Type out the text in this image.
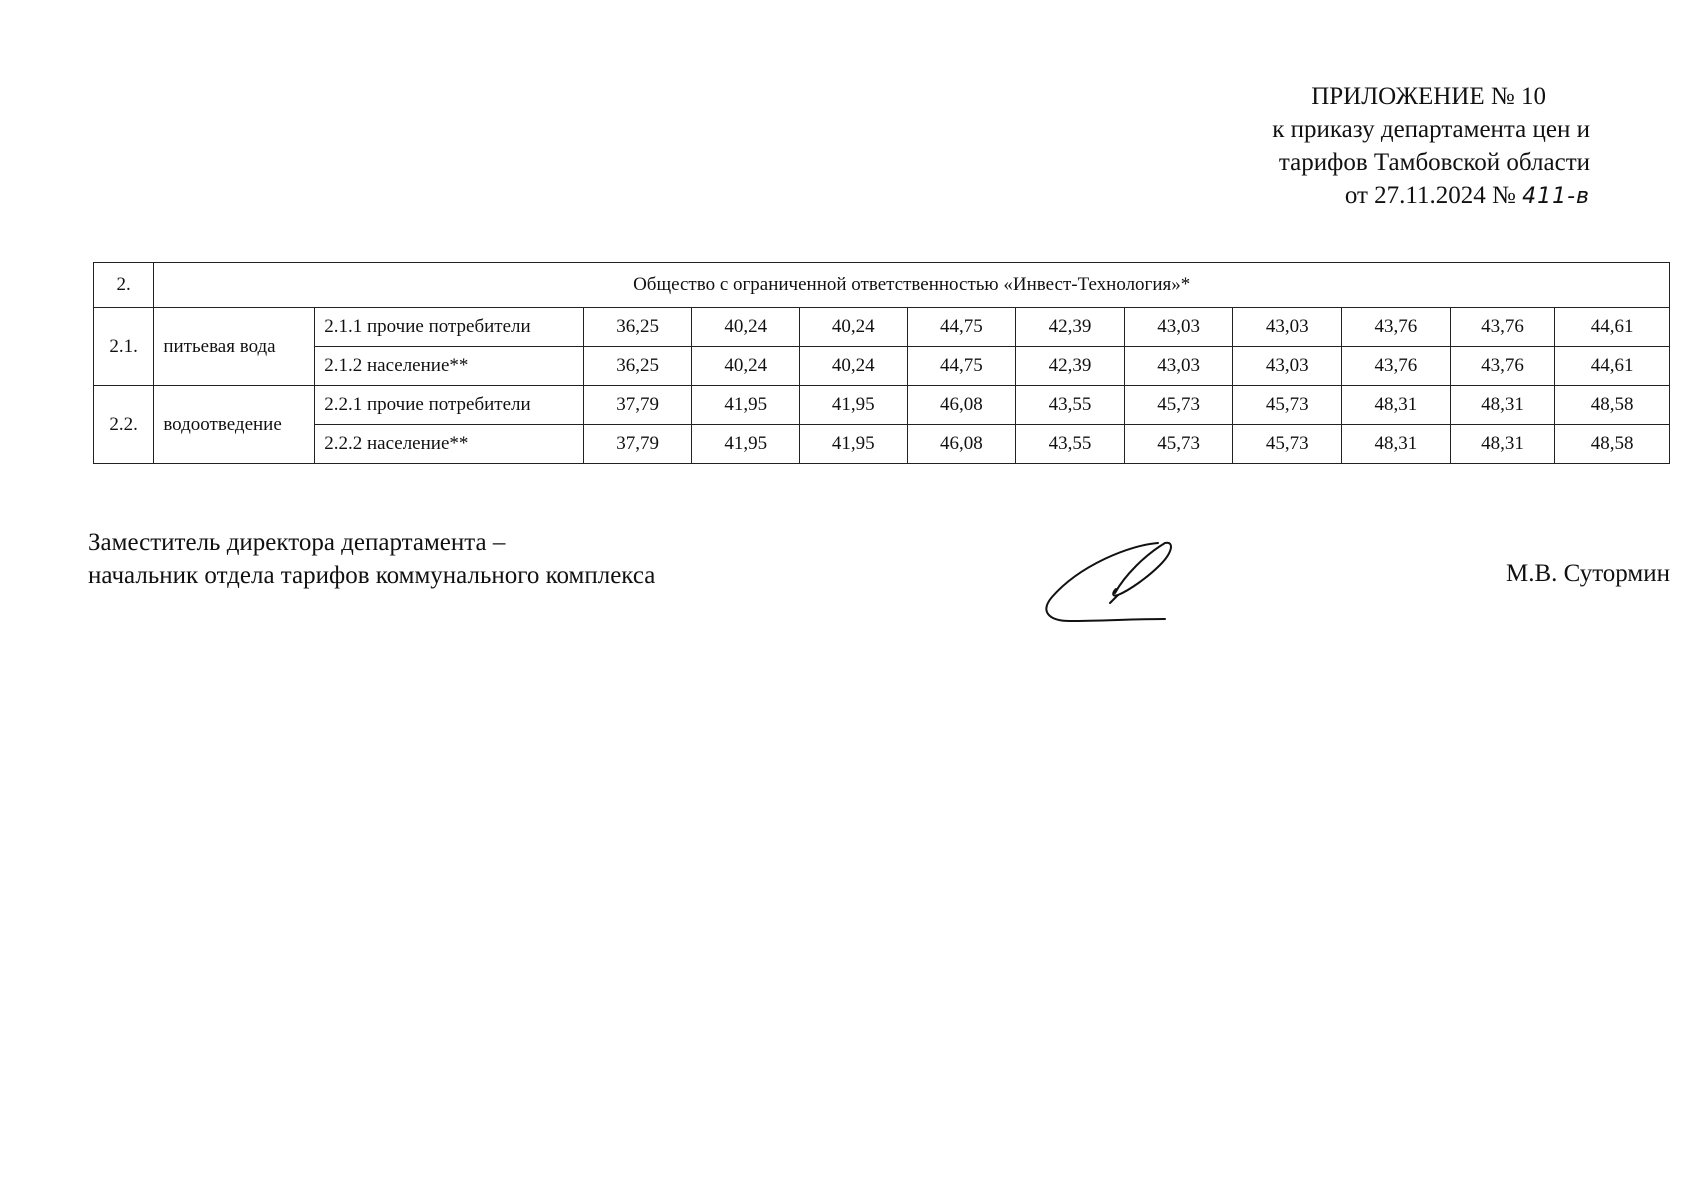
ПРИЛОЖЕНИЕ № 10
к приказу департамента цен и
тарифов Тамбовской области
от 27.11.2024 № 411-в
2.	Общество с ограниченной ответственностью «Инвест-Технология»*											
2.1.	питьевая вода	2.1.1 прочие потребители	36,25	40,24	40,24	44,75	42,39	43,03	43,03	43,76	43,76	44,61
		2.1.2 население**	36,25	40,24	40,24	44,75	42,39	43,03	43,03	43,76	43,76	44,61
2.2.	водоотведение	2.2.1 прочие потребители	37,79	41,95	41,95	46,08	43,55	45,73	45,73	48,31	48,31	48,58
		2.2.2 население**	37,79	41,95	41,95	46,08	43,55	45,73	45,73	48,31	48,31	48,58
Заместитель директора департамента –
начальник отдела тарифов коммунального комплекса	М.В. Сутормин
